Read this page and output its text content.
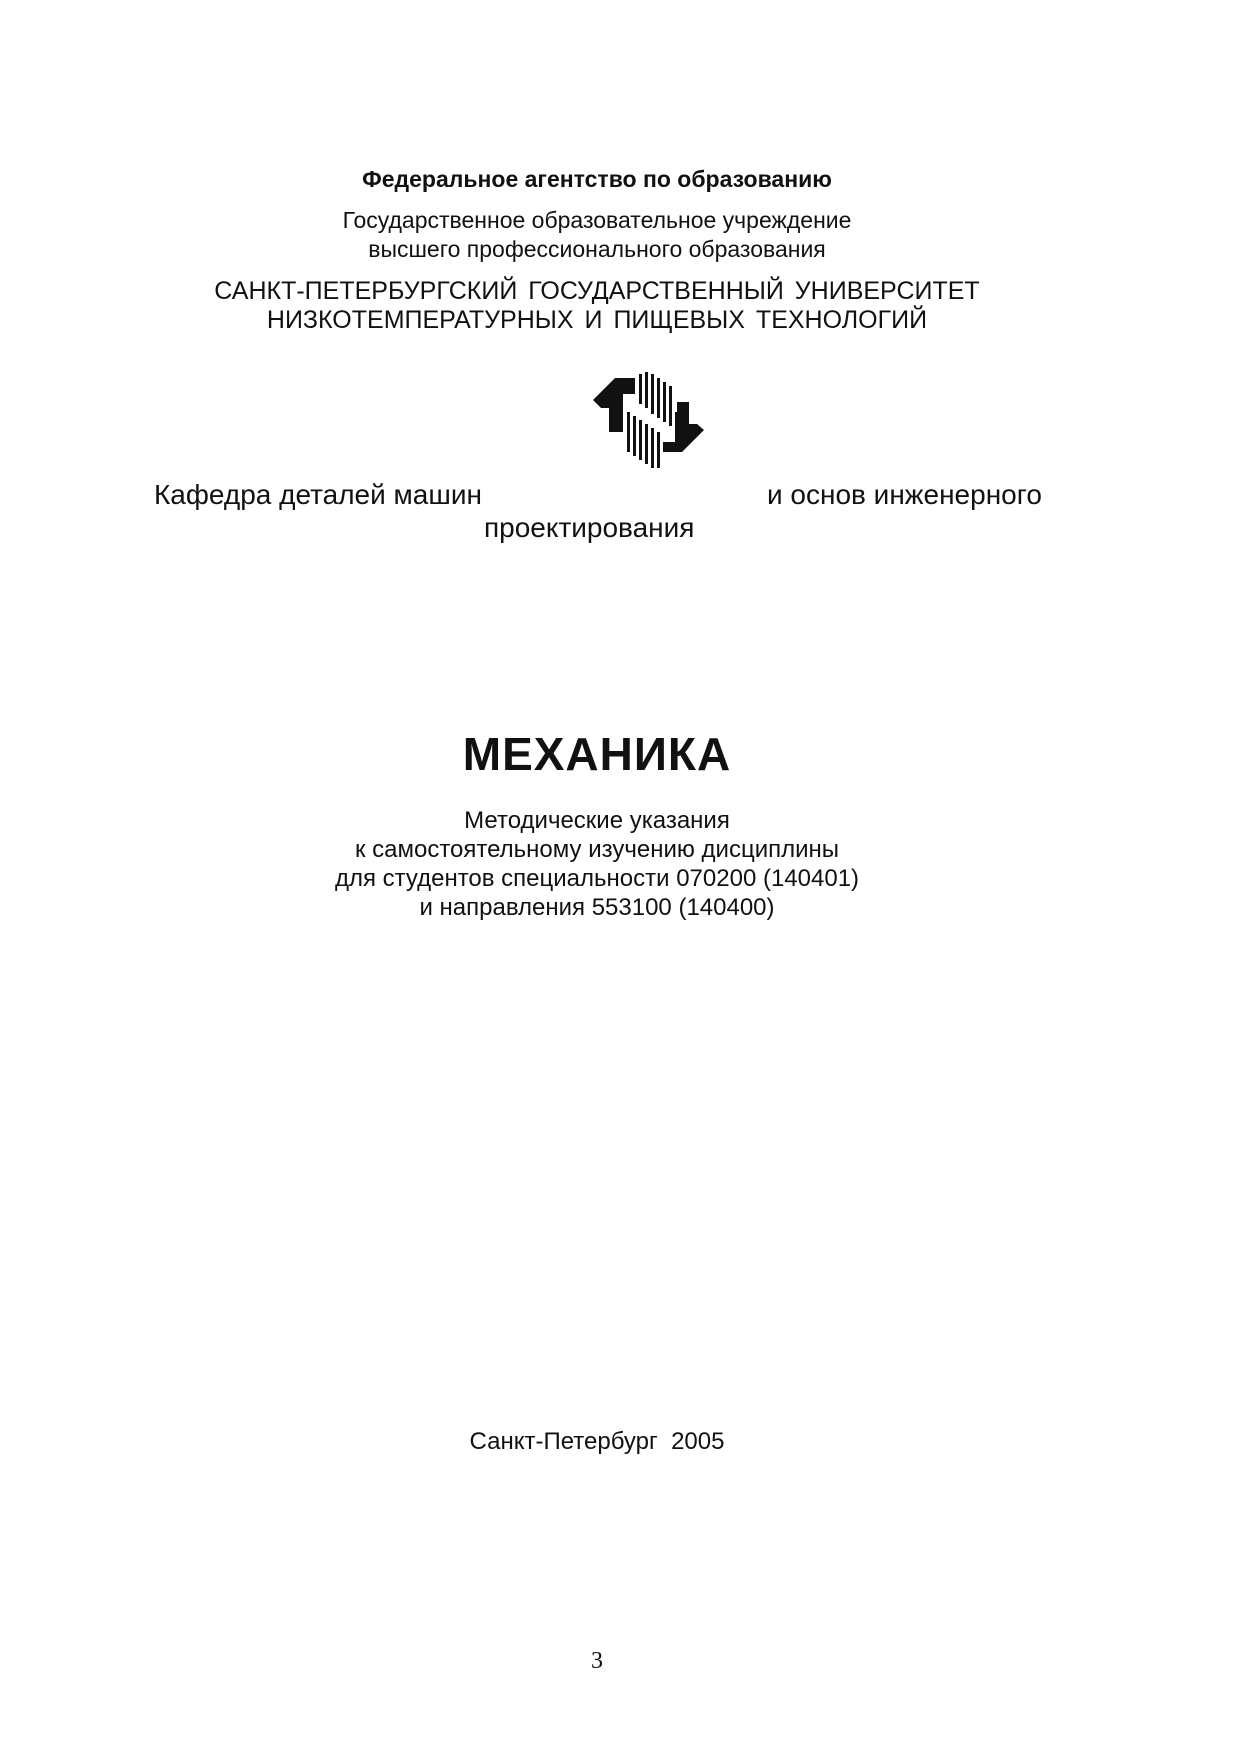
Федеральное агентство по образованию
Государственное образовательное учреждение
высшего профессионального образования
САНКТ-ПЕТЕРБУРГСКИЙ ГОСУДАРСТВЕННЫЙ УНИВЕРСИТЕТ
НИЗКОТЕМПЕРАТУРНЫХ И ПИЩЕВЫХ ТЕХНОЛОГИЙ
Кафедра деталей машин	и основ инженерного
проектирования
МЕХАНИКА
Методические указания
к самостоятельному изучению дисциплины
для студентов специальности 070200 (140401)
и направления 553100 (140400)
Санкт-Петербург  2005
3
